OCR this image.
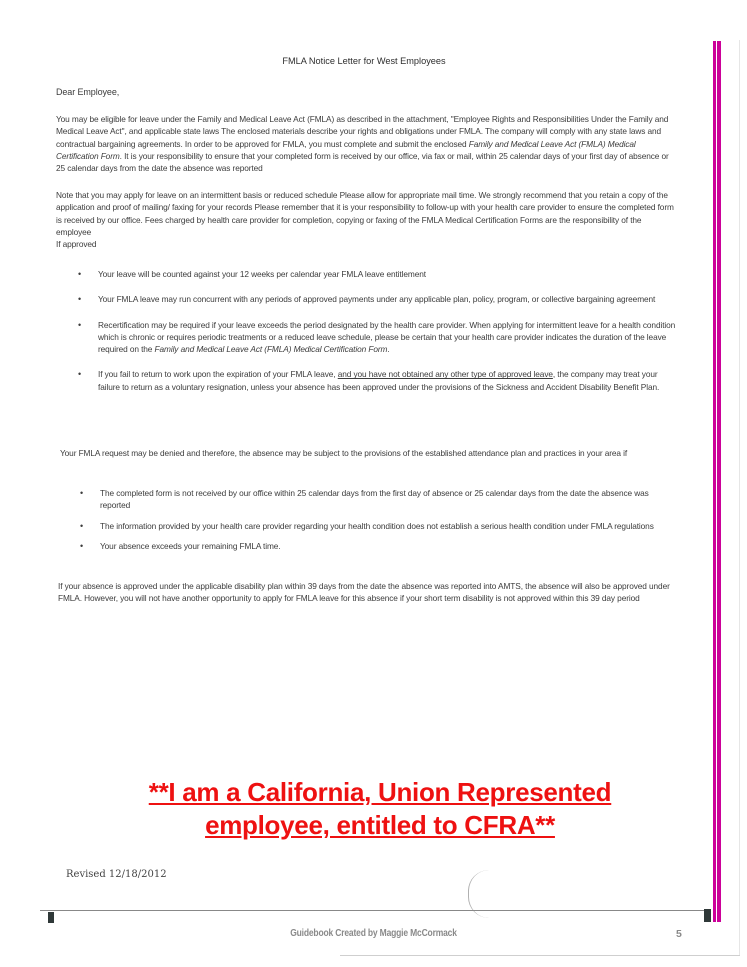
FMLA Notice Letter for West Employees
Dear Employee,
You may be eligible for leave under the Family and Medical Leave Act (FMLA) as described in the attachment, "Employee Rights and Responsibilities Under the Family and Medical Leave Act", and applicable state laws The enclosed materials describe your rights and obligations under FMLA. The company will comply with any state laws and contractual bargaining agreements. In order to be approved for FMLA, you must complete and submit the enclosed Family and Medical Leave Act (FMLA) Medical Certification Form. It is your responsibility to ensure that your completed form is received by our office, via fax or mail, within 25 calendar days of your first day of absence or 25 calendar days from the date the absence was reported
Note that you may apply for leave on an intermittent basis or reduced schedule Please allow for appropriate mail time. We strongly recommend that you retain a copy of the application and proof of mailing/ faxing for your records Please remember that it is your responsibility to follow-up with your health care provider to ensure the completed form is received by our office. Fees charged by health care provider for completion, copying or faxing of the FMLA Medical Certification Forms are the responsibility of the employee
If approved
• Your leave will be counted against your 12 weeks per calendar year FMLA leave entitlement
• Your FMLA leave may run concurrent with any periods of approved payments under any applicable plan, policy, program, or collective bargaining agreement
• Recertification may be required if your leave exceeds the period designated by the health care provider. When applying for intermittent leave for a health condition which is chronic or requires periodic treatments or a reduced leave schedule, please be certain that your health care provider indicates the duration of the leave required on the Family and Medical Leave Act (FMLA) Medical Certification Form.
• If you fail to return to work upon the expiration of your FMLA leave, and you have not obtained any other type of approved leave, the company may treat your failure to return as a voluntary resignation, unless your absence has been approved under the provisions of the Sickness and Accident Disability Benefit Plan.
Your FMLA request may be denied and therefore, the absence may be subject to the provisions of the established attendance plan and practices in your area if
• The completed form is not received by our office within 25 calendar days from the first day of absence or 25 calendar days from the date the absence was reported
• The information provided by your health care provider regarding your health condition does not establish a serious health condition under FMLA regulations
• Your absence exceeds your remaining FMLA time.
If your absence is approved under the applicable disability plan within 39 days from the date the absence was reported into AMTS, the absence will also be approved under FMLA. However, you will not have another opportunity to apply for FMLA leave for this absence if your short term disability is not approved within this 39 day period
**I am a California, Union Represented
employee, entitled to CFRA**
Revised 12/18/2012
Guidebook Created by Maggie McCormack	5
